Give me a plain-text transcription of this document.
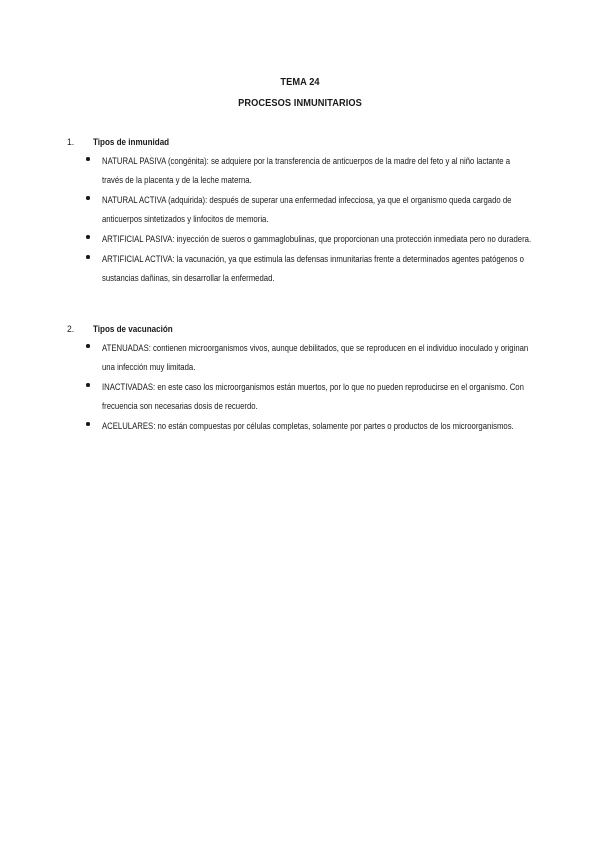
TEMA 24
PROCESOS INMUNITARIOS
1.	Tipos de inmunidad
NATURAL PASIVA (congénita): se adquiere por la transferencia de anticuerpos de la madre del feto y al niño lactante a través de la placenta y de la leche materna.
NATURAL ACTIVA (adquirida): después de superar una enfermedad infecciosa, ya que el organismo queda cargado de anticuerpos sintetizados y linfocitos de memoria.
ARTIFICIAL PASIVA: inyección de sueros o gammaglobulinas, que proporcionan una protección inmediata pero no duradera.
ARTIFICIAL ACTIVA: la vacunación, ya que estimula las defensas inmunitarias frente a determinados agentes patógenos o sustancias dañinas, sin desarrollar la enfermedad.
2.	Tipos de vacunación
ATENUADAS: contienen microorganismos vivos, aunque debilitados, que se reproducen en el individuo inoculado y originan una infección muy limitada.
INACTIVADAS: en este caso los microorganismos están muertos, por lo que no pueden reproducirse en el organismo. Con frecuencia son necesarias dosis de recuerdo.
ACELULARES: no están compuestas por células completas, solamente por partes o productos de los microorganismos.
